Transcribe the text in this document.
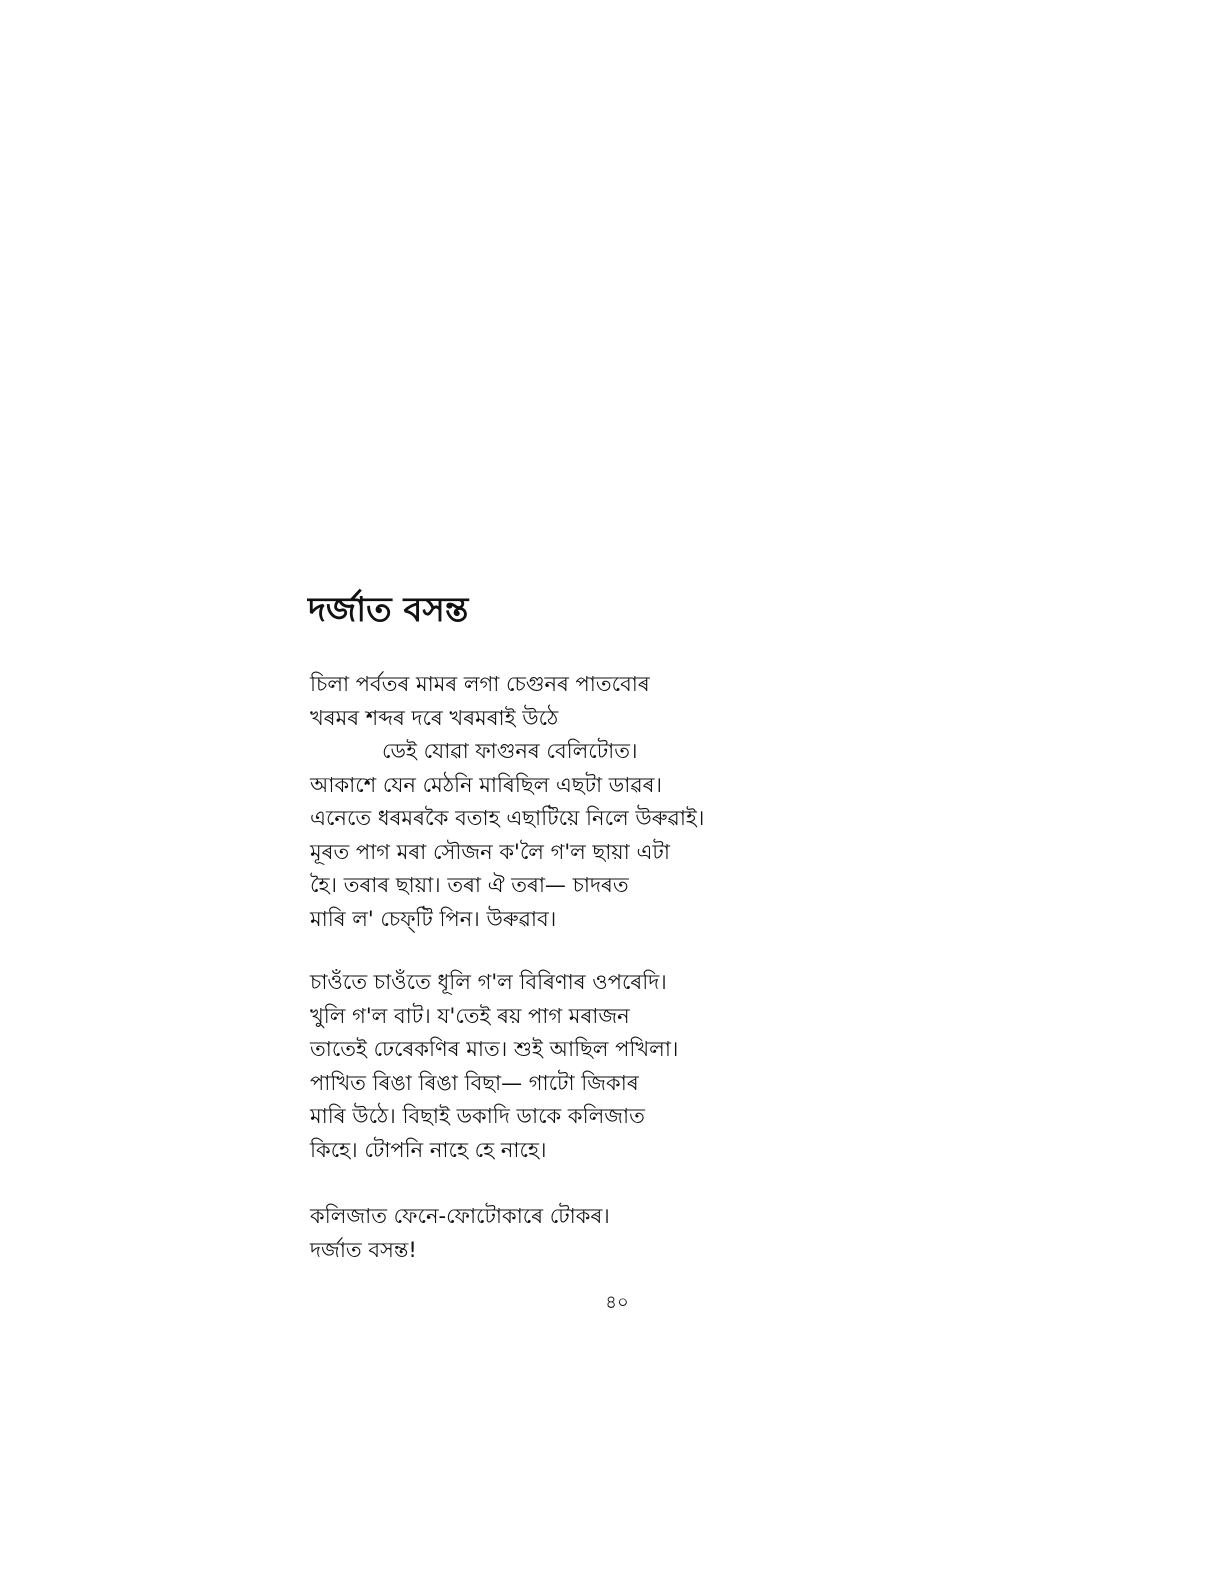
দৰ্জাত বসন্ত
চিলা পৰ্বতৰ মামৰ লগা চেগুনৰ পাতবোৰ
খৰমৰ শব্দৰ দৰে খৰমৰাই উঠে
ডেই যোৱা ফাগুনৰ বেলিটোত।
আকাশে যেন মেঠনি মাৰিছিল এছটা ডাৱৰ।
এনেতে ধৰমৰকৈ বতাহ এছাটিয়ে নিলে উৰুৱাই।
মূৰত পাগ মৰা সৌজন ক'লৈ গ'ল ছায়া এটা
হৈ। তৰাৰ ছায়া। তৰা ঐ তৰা— চাদৰত
মাৰি ল' চেফ্‌টি পিন। উৰুৱাব।
চাওঁতে চাওঁতে ধূলি গ'ল বিৰিণাৰ ওপৰেদি।
খুলি গ'ল বাট। য'তেই ৰয় পাগ মৰাজন
তাতেই ঢেৰেকণিৰ মাত। শুই আছিল পখিলা।
পাখিত ৰিঙা ৰিঙা বিছা— গাটো জিকাৰ
মাৰি উঠে। বিছাই ডকাদি ডাকে কলিজাত
কিহে। টোপনি নাহে হে নাহে।
কলিজাত ফেনে-ফোটোকাৰে টোকৰ।
দৰ্জাত বসন্ত!
৪০
